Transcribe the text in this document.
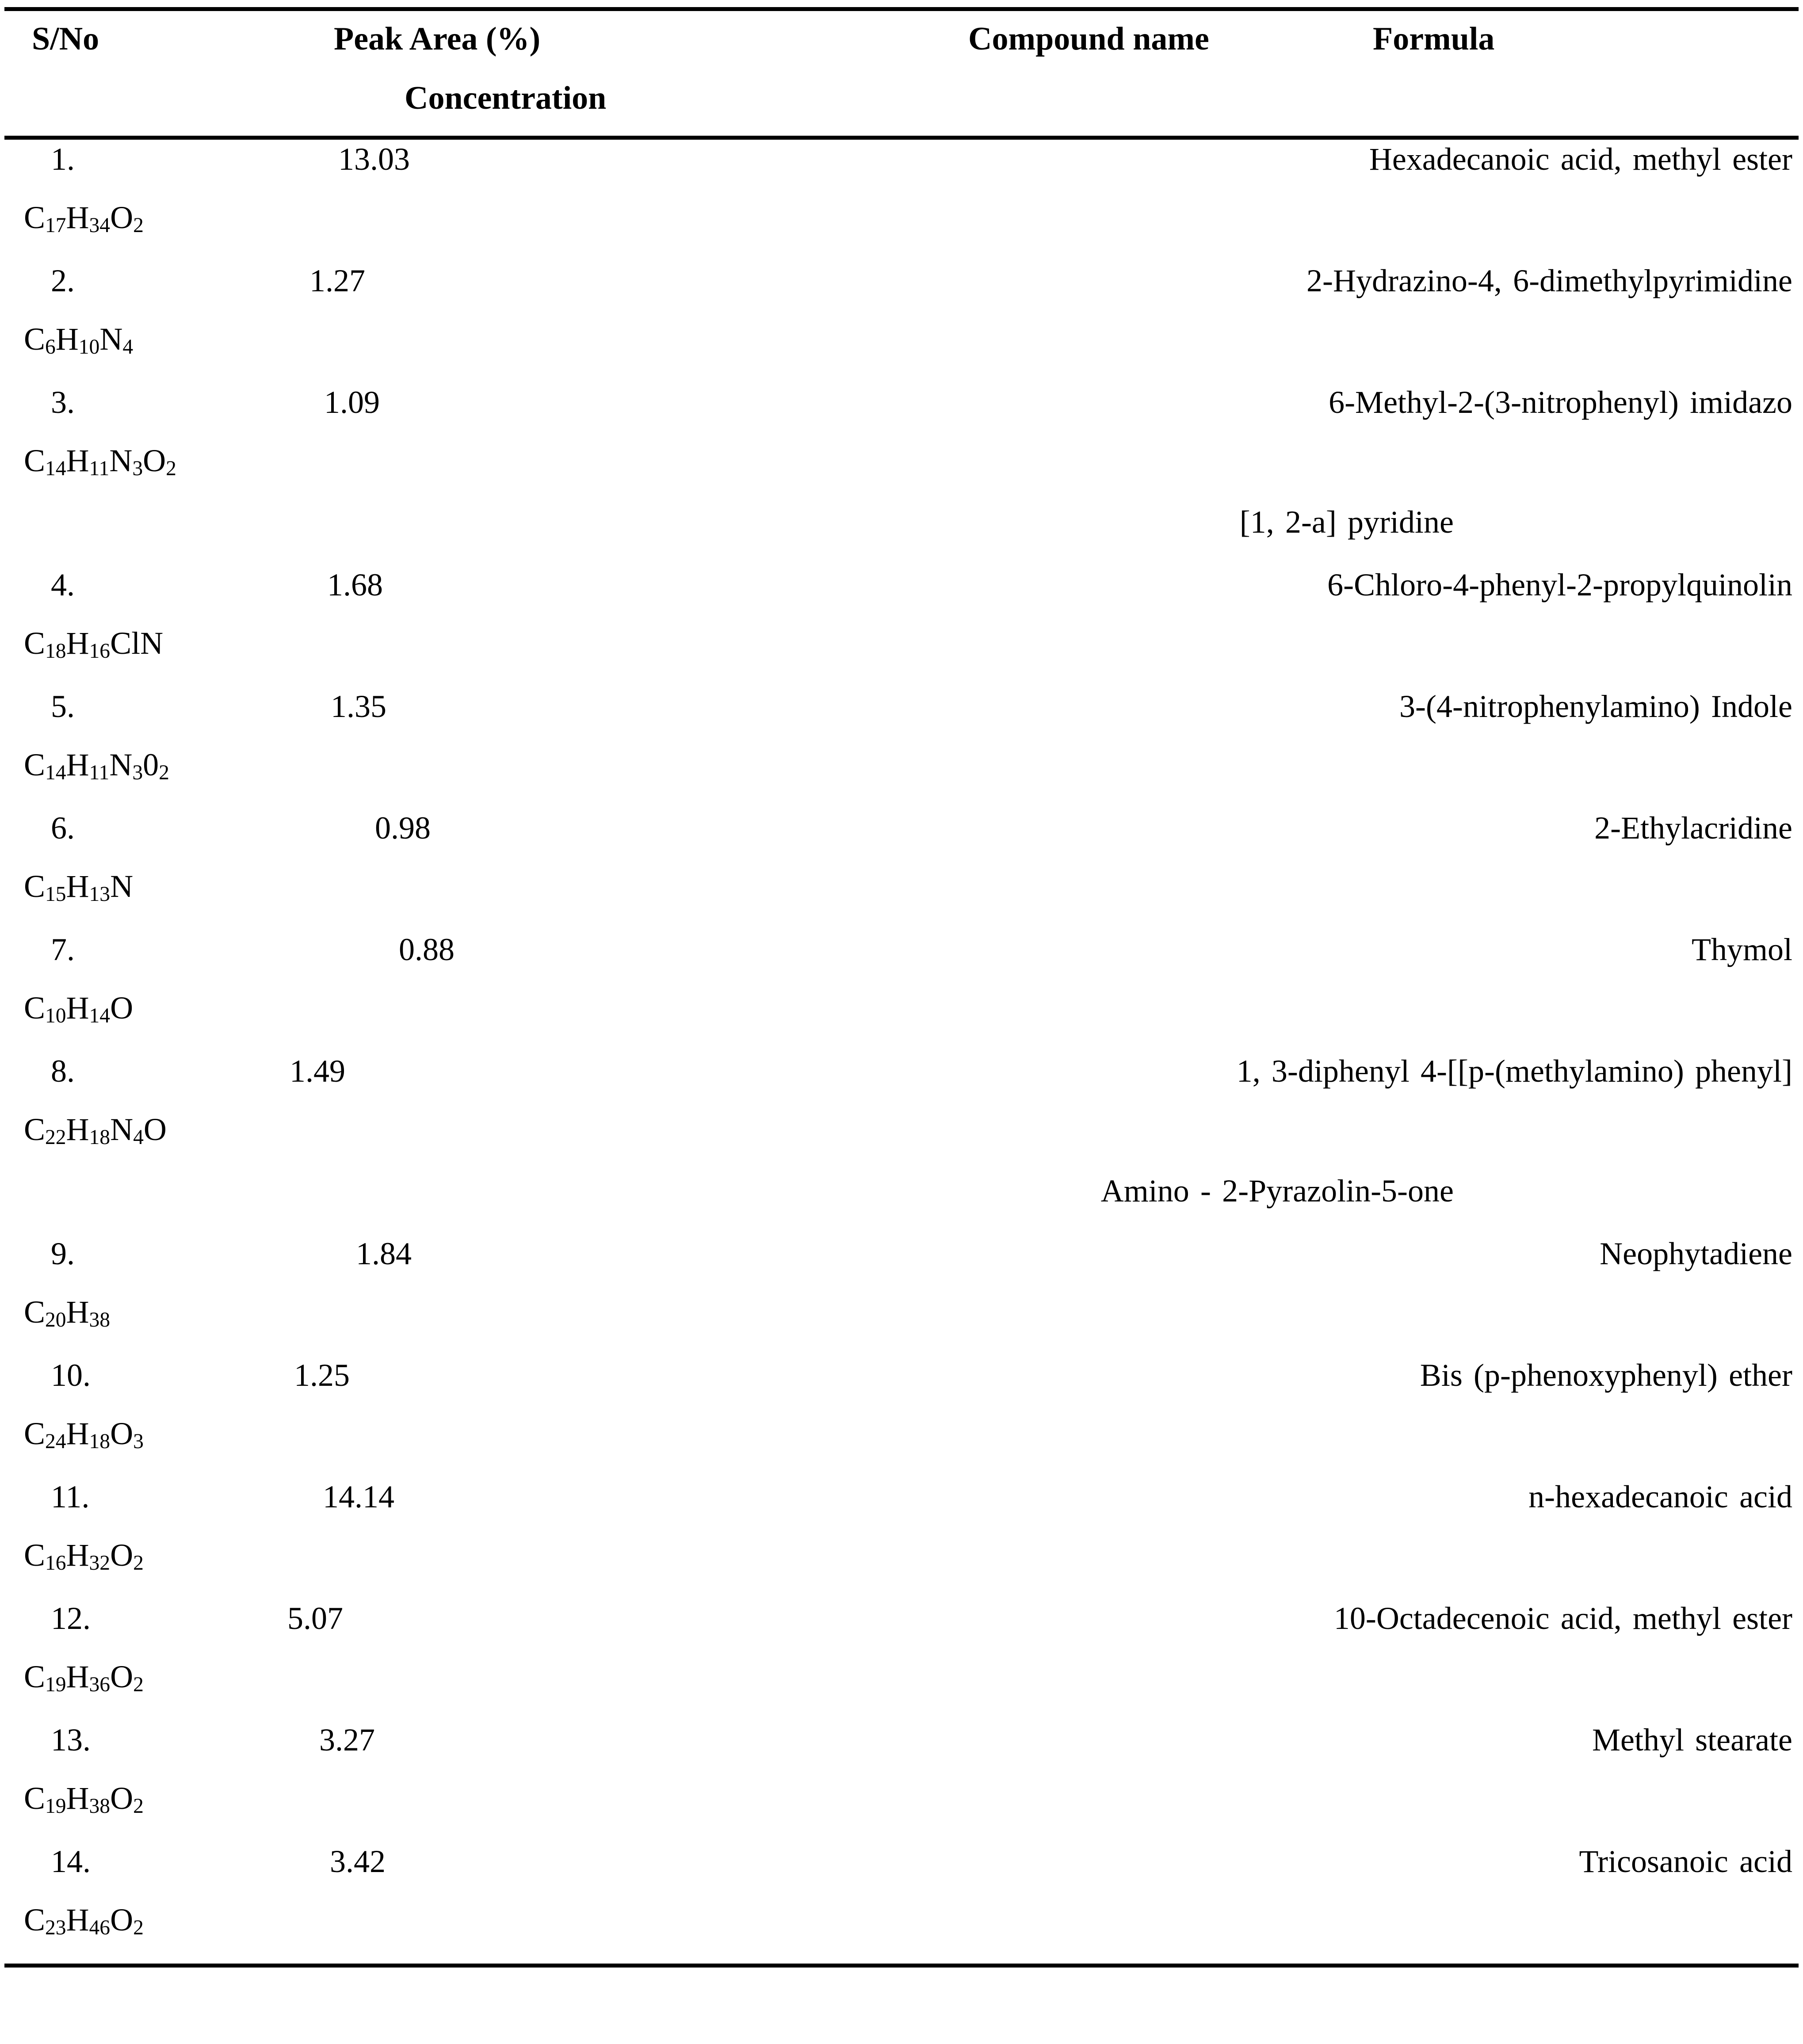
S/No	Peak Area (%)
Concentration
Compound name	Formula
1.	13.03	Hexadecanoic acid, methyl ester
$C_{17}H_{34}O_2$
2.	1.27	2-Hydrazino-4, 6-dimethylpyrimidine
$C_6H_{10}N_4$
3.	1.09	6-Methyl-2-(3-nitrophenyl) imidazo
$C_{14}H_{11}N_3O_2$
[1, 2-a] pyridine
4.	1.68	6-Chloro-4-phenyl-2-propylquinolin
$C_{18}H_{16}ClN$
5.	1.35	3-(4-nitrophenylamino) Indole
$C_{14}H_{11}N_30_2$
6.	0.98	2-Ethylacridine
$C_{15}H_{13}N$
7.	0.88	Thymol
$C_{10}H_{14}O$
8.	1.49	1, 3-diphenyl 4-[[p-(methylamino) phenyl]
$C_{22}H_{18}N_4O$
Amino - 2-Pyrazolin-5-one
9.	1.84	Neophytadiene
$C_{20}H_{38}$
10.	1.25	Bis (p-phenoxyphenyl) ether
$C_{24}H_{18}O_3$
11.	14.14	n-hexadecanoic acid
$C_{16}H_{32}O_2$
12.	5.07	10-Octadecenoic acid, methyl ester
$C_{19}H_{36}O_2$
13.	3.27	Methyl stearate
$C_{19}H_{38}O_2$
14.	3.42	Tricosanoic acid
$C_{23}H_{46}O_2$
